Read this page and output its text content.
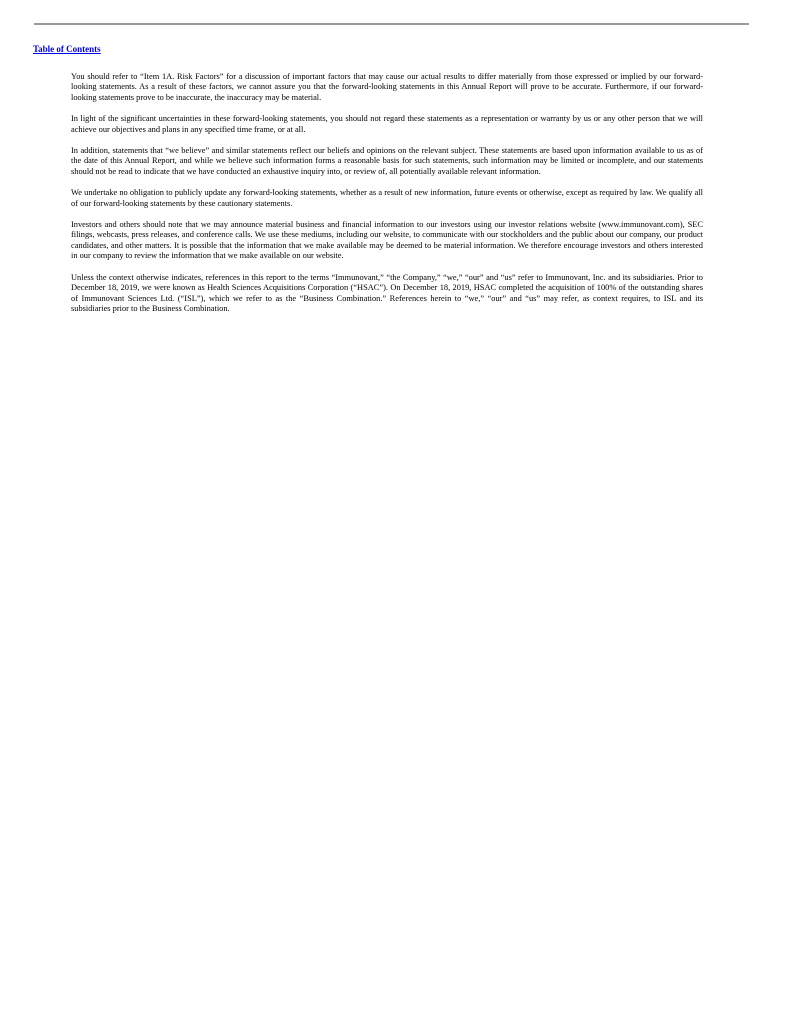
Table of Contents

You should refer to “Item 1A. Risk Factors” for a discussion of important factors that may cause our actual results to differ materially from those expressed or implied by our forward-looking statements. As a result of these factors, we cannot assure you that the forward-looking statements in this Annual Report will prove to be accurate. Furthermore, if our forward-looking statements prove to be inaccurate, the inaccuracy may be material.

In light of the significant uncertainties in these forward-looking statements, you should not regard these statements as a representation or warranty by us or any other person that we will achieve our objectives and plans in any specified time frame, or at all.

In addition, statements that “we believe” and similar statements reflect our beliefs and opinions on the relevant subject. These statements are based upon information available to us as of the date of this Annual Report, and while we believe such information forms a reasonable basis for such statements, such information may be limited or incomplete, and our statements should not be read to indicate that we have conducted an exhaustive inquiry into, or review of, all potentially available relevant information.

We undertake no obligation to publicly update any forward-looking statements, whether as a result of new information, future events or otherwise, except as required by law. We qualify all of our forward-looking statements by these cautionary statements.

Investors and others should note that we may announce material business and financial information to our investors using our investor relations website (www.immunovant.com), SEC filings, webcasts, press releases, and conference calls. We use these mediums, including our website, to communicate with our stockholders and the public about our company, our product candidates, and other matters. It is possible that the information that we make available may be deemed to be material information. We therefore encourage investors and others interested in our company to review the information that we make available on our website.

Unless the context otherwise indicates, references in this report to the terms “Immunovant,” “the Company,” “we,” “our” and “us” refer to Immunovant, Inc. and its subsidiaries. Prior to December 18, 2019, we were known as Health Sciences Acquisitions Corporation (“HSAC”). On December 18, 2019, HSAC completed the acquisition of 100% of the outstanding shares of Immunovant Sciences Ltd. (“ISL”), which we refer to as the “Business Combination.” References herein to “we,” “our” and “us” may refer, as context requires, to ISL and its subsidiaries prior to the Business Combination.
